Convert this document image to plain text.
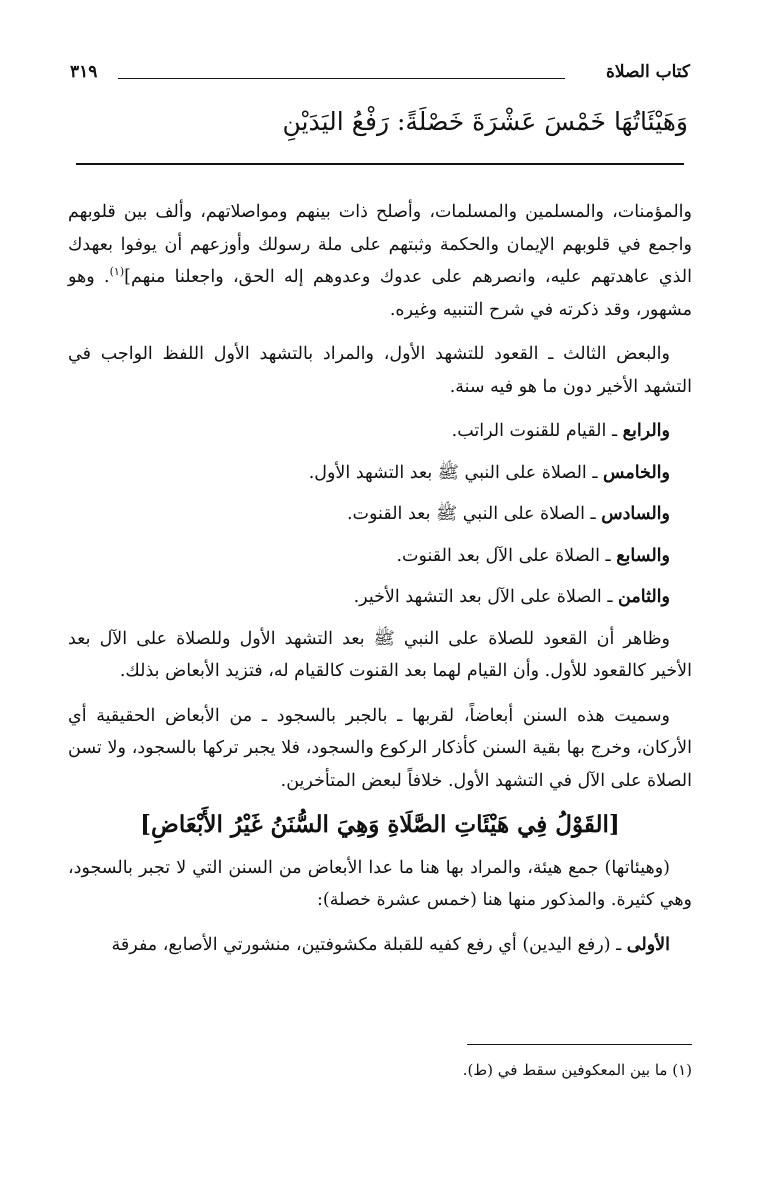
كتاب الصلاة
٣١٩
وَهَيْئَاتُهَا خَمْسَ عَشْرَةَ خَصْلَةً: رَفْعُ اليَدَيْنِ

والمؤمنات، والمسلمين والمسلمات، وأصلح ذات بينهم ومواصلاتهم، وألف بين قلوبهم واجمع في قلوبهم الإيمان والحكمة وثبتهم على ملة رسولك وأوزعهم أن يوفوا بعهدك الذي عاهدتهم عليه، وانصرهم على عدوك وعدوهم إله الحق، واجعلنا منهم]$^{(١)}$. وهو مشهور، وقد ذكرته في شرح التنبيه وغيره.

والبعض الثالث ـ القعود للتشهد الأول، والمراد بالتشهد الأول اللفظ الواجب في التشهد الأخير دون ما هو فيه سنة.

والرابع ـ القيام للقنوت الراتب.

والخامس ـ الصلاة على النبي ﷺ بعد التشهد الأول.

والسادس ـ الصلاة على النبي ﷺ بعد القنوت.

والسابع ـ الصلاة على الآل بعد القنوت.

والثامن ـ الصلاة على الآل بعد التشهد الأخير.

وظاهر أن القعود للصلاة على النبي ﷺ بعد التشهد الأول وللصلاة على الآل بعد الأخير كالقعود للأول. وأن القيام لهما بعد القنوت كالقيام له، فتزيد الأبعاض بذلك.

وسميت هذه السنن أبعاضاً، لقربها ـ بالجبر بالسجود ـ من الأبعاض الحقيقية أي الأركان، وخرج بها بقية السنن كأذكار الركوع والسجود، فلا يجبر تركها بالسجود، ولا تسن الصلاة على الآل في التشهد الأول. خلافاً لبعض المتأخرين.

[القَوْلُ فِي هَيْئَاتِ الصَّلَاةِ وَهِيَ السُّنَنُ غَيْرُ الأَبْعَاضِ]

(وهيئاتها) جمع هيئة، والمراد بها هنا ما عدا الأبعاض من السنن التي لا تجبر بالسجود، وهي كثيرة. والمذكور منها هنا (خمس عشرة خصلة):

الأولى ـ (رفع اليدين) أي رفع كفيه للقبلة مكشوفتين، منشورتي الأصابع، مفرقة

(١) ما بين المعكوفين سقط في (ط).
